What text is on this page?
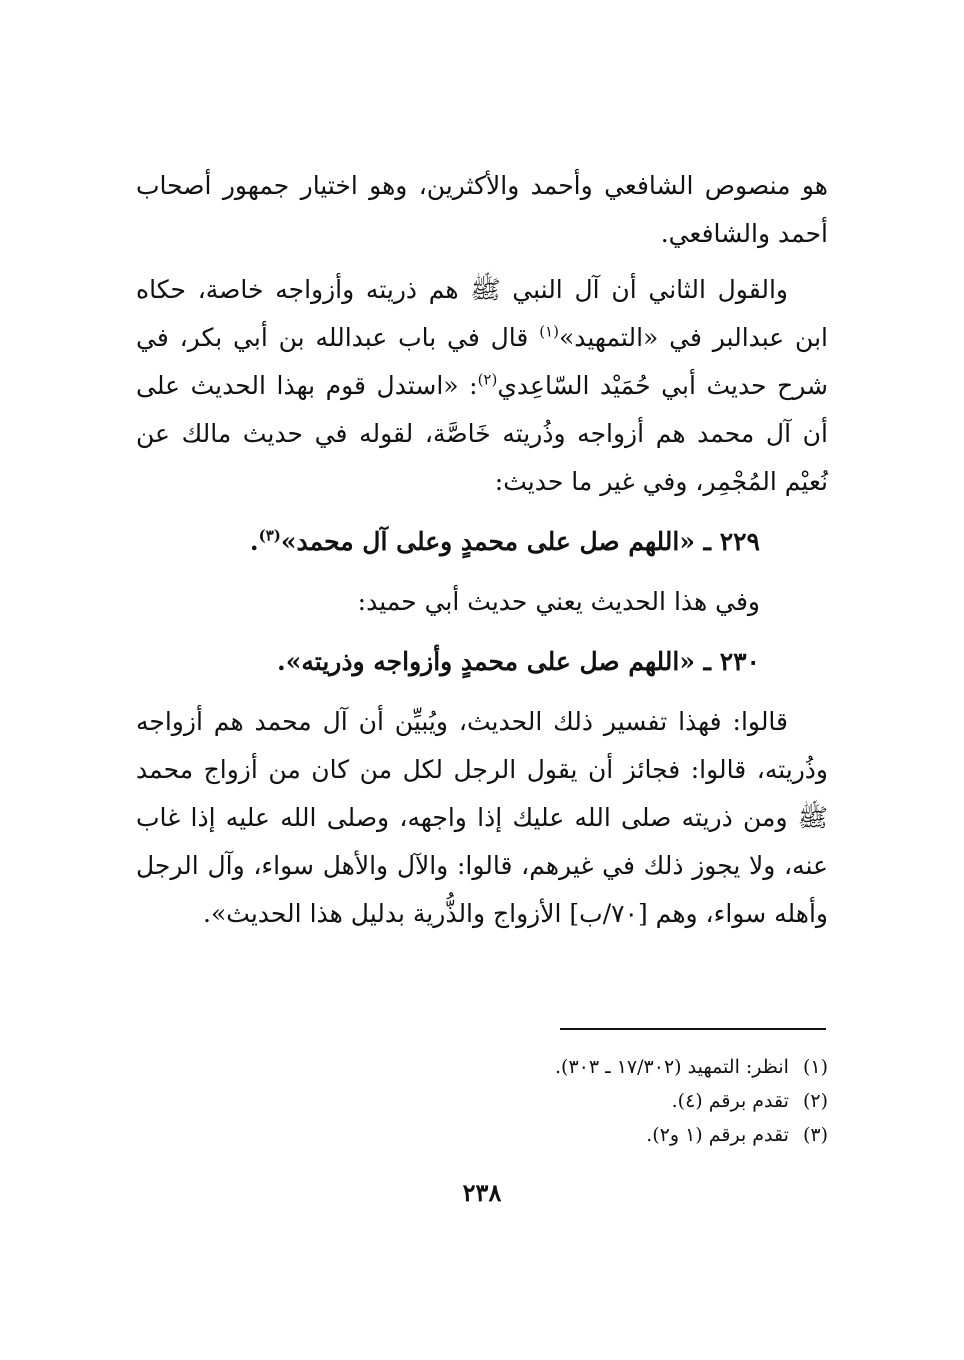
هو منصوص الشافعي وأحمد والأكثرين، وهو اختيار جمهور أصحاب أحمد والشافعي.

والقول الثاني أن آل النبي ﷺ هم ذريته وأزواجه خاصة، حكاه ابن عبدالبر في «التمهيد»$^{(١)}$ قال في باب عبدالله بن أبي بكر، في شرح حديث أبي حُمَيْد السّاعِدي$^{(٢)}$: «استدل قوم بهذا الحديث على أن آل محمد هم أزواجه وذُريته خَاصَّة، لقوله في حديث مالك عن نُعيْم المُجْمِر، وفي غير ما حديث:

٢٢٩ ـ «اللهم صل على محمدٍ وعلى آل محمد»$^{(٣)}$.

وفي هذا الحديث يعني حديث أبي حميد:

٢٣٠ ـ «اللهم صل على محمدٍ وأزواجه وذريته».

قالوا: فهذا تفسير ذلك الحديث، ويُبيِّن أن آل محمد هم أزواجه وذُريته، قالوا: فجائز أن يقول الرجل لكل من كان من أزواج محمد ﷺ ومن ذريته صلى الله عليك إذا واجهه، وصلى الله عليه إذا غاب عنه، ولا يجوز ذلك في غيرهم، قالوا: والآل والأهل سواء، وآل الرجل وأهله سواء، وهم [٧٠/ب] الأزواج والذُّرية بدليل هذا الحديث».

(١)انظر: التمهيد (١٧/٣٠٢ ـ ٣٠٣).

(٢)تقدم برقم (٤).

(٣)تقدم برقم (١ و٢).

٢٣٨
